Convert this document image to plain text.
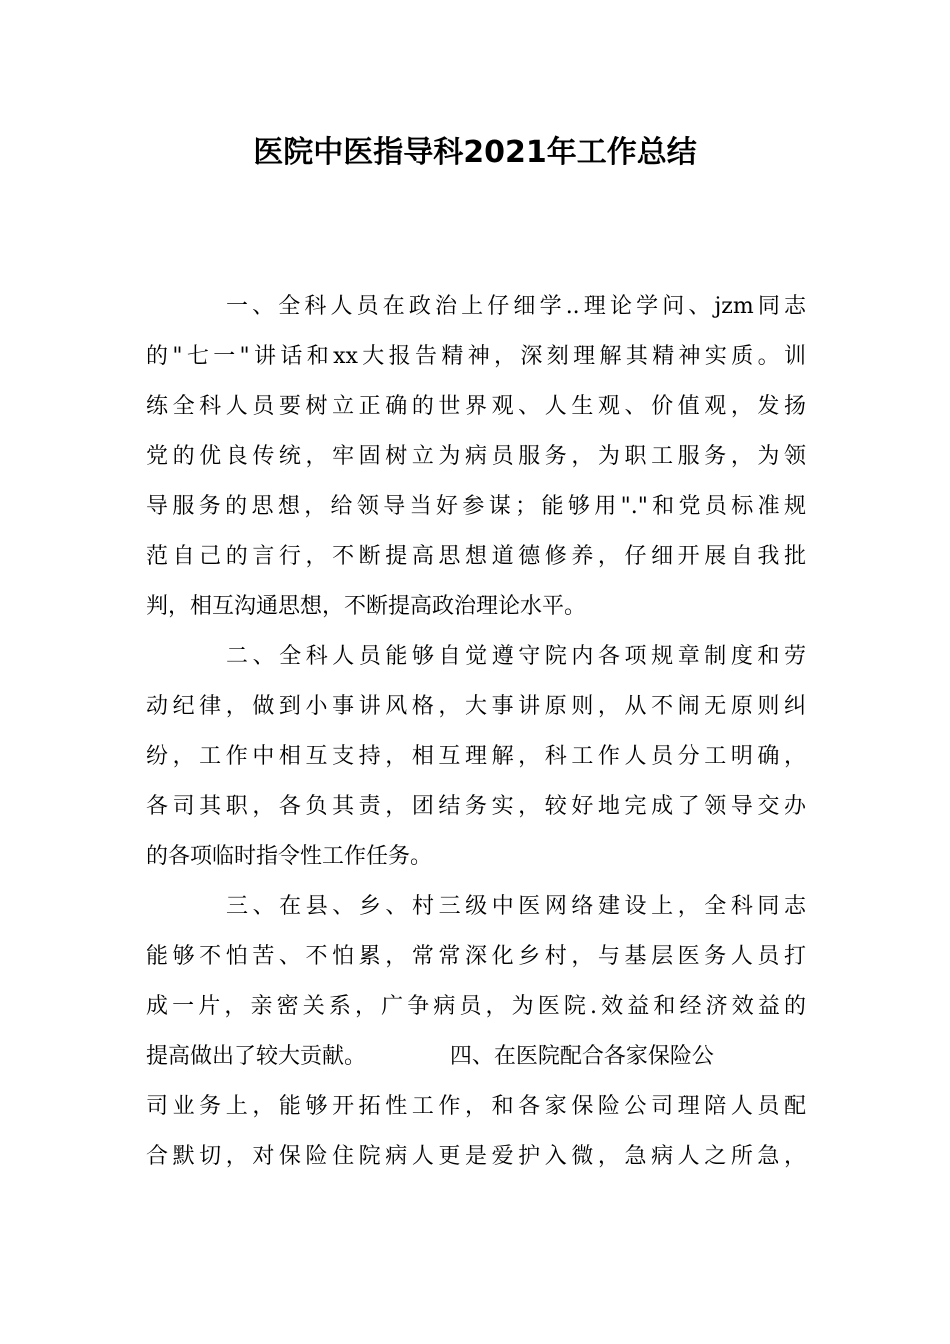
医院中医指导科2021年工作总结
一、全科人员在政治上仔细学..理论学问、jzm同志
的"七一"讲话和xx大报告精神，深刻理解其精神实质。训
练全科人员要树立正确的世界观、人生观、价值观，发扬
党的优良传统，牢固树立为病员服务，为职工服务，为领
导服务的思想，给领导当好参谋；能够用"."和党员标准规
范自己的言行，不断提高思想道德修养，仔细开展自我批
判，相互沟通思想，不断提高政治理论水平。
二、全科人员能够自觉遵守院内各项规章制度和劳
动纪律，做到小事讲风格，大事讲原则，从不闹无原则纠
纷，工作中相互支持，相互理解，科工作人员分工明确，
各司其职，各负其责，团结务实，较好地完成了领导交办
的各项临时指令性工作任务。
三、在县、乡、村三级中医网络建设上，全科同志
能够不怕苦、不怕累，常常深化乡村，与基层医务人员打
成一片，亲密关系，广争病员，为医院.效益和经济效益的
提高做出了较大贡献。            四、在医院配合各家保险公
司业务上，能够开拓性工作，和各家保险公司理陪人员配
合默切，对保险住院病人更是爱护入微，急病人之所急，
